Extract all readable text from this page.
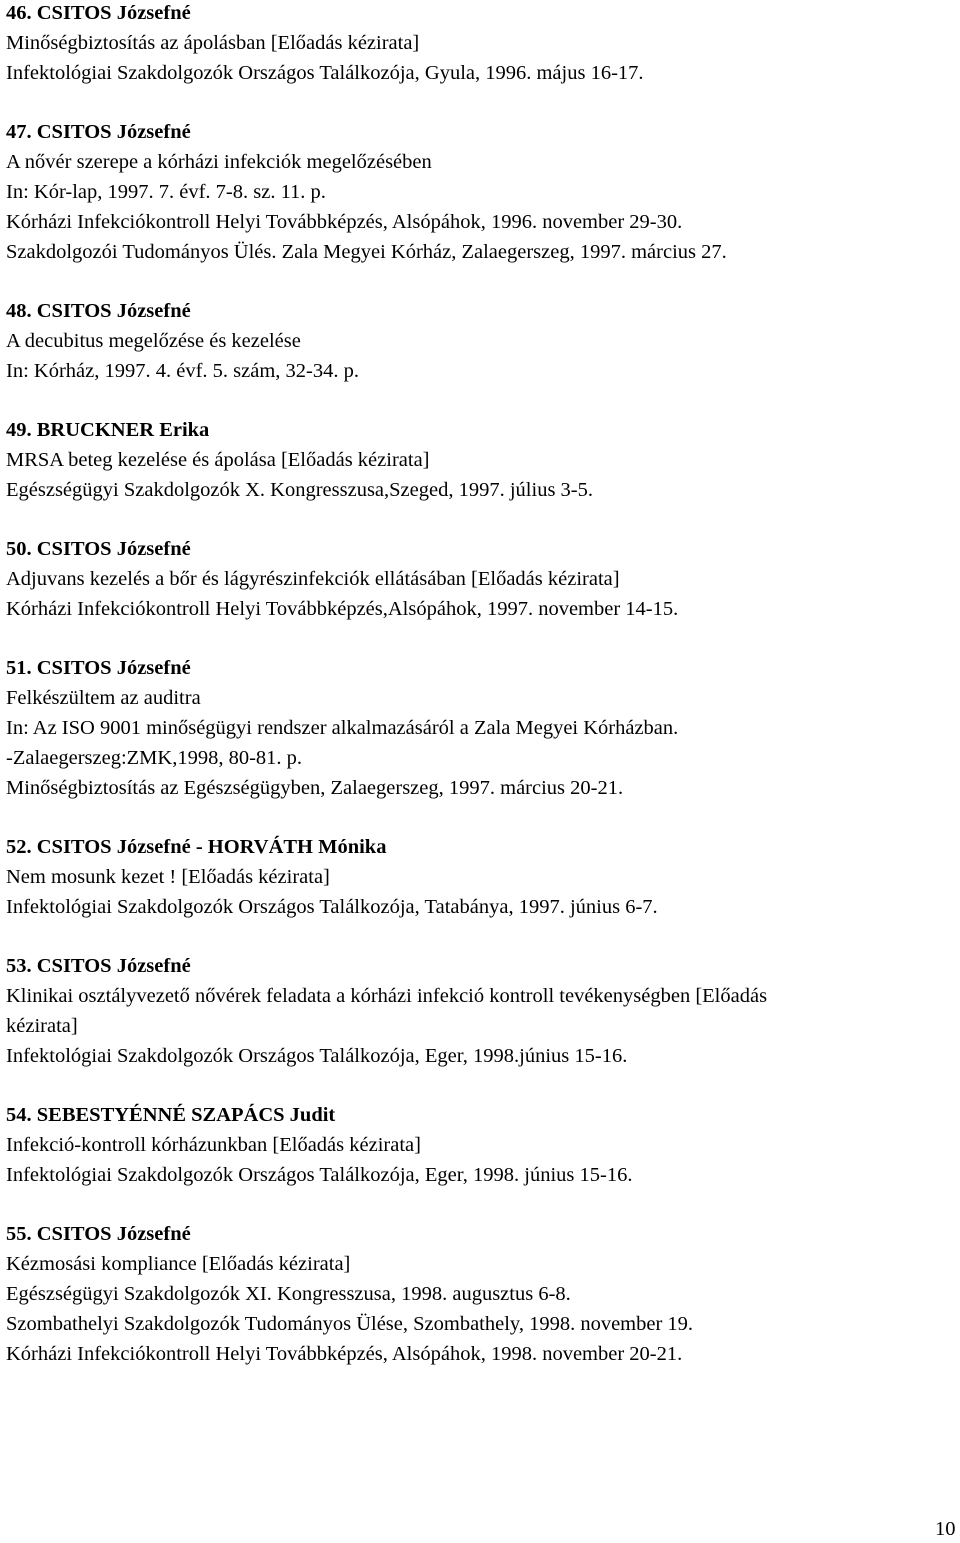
46. CSITOS Józsefné
Minőségbiztosítás az ápolásban [Előadás kézirata]
Infektológiai Szakdolgozók Országos Találkozója, Gyula, 1996. május 16-17.
47. CSITOS Józsefné
A nővér szerepe a kórházi infekciók megelőzésében
In: Kór-lap, 1997. 7. évf. 7-8. sz. 11. p.
Kórházi Infekciókontroll Helyi Továbbképzés, Alsópáhok, 1996. november 29-30.
Szakdolgozói Tudományos Ülés. Zala Megyei Kórház, Zalaegerszeg, 1997. március 27.
48. CSITOS Józsefné
A decubitus megelőzése és kezelése
In: Kórház, 1997. 4. évf. 5. szám, 32-34. p.
49. BRUCKNER Erika
MRSA beteg kezelése és ápolása [Előadás kézirata]
Egészségügyi Szakdolgozók X. Kongresszusa,Szeged, 1997. július 3-5.
50. CSITOS Józsefné
Adjuvans kezelés a bőr és lágyrészinfekciók ellátásában [Előadás kézirata]
Kórházi Infekciókontroll Helyi Továbbképzés,Alsópáhok, 1997. november 14-15.
51. CSITOS Józsefné
Felkészültem az auditra
In: Az ISO 9001 minőségügyi rendszer alkalmazásáról a Zala Megyei Kórházban.
-Zalaegerszeg:ZMK,1998, 80-81. p.
Minőségbiztosítás az Egészségügyben, Zalaegerszeg, 1997. március 20-21.
52. CSITOS Józsefné - HORVÁTH Mónika
Nem mosunk kezet ! [Előadás kézirata]
Infektológiai Szakdolgozók Országos Találkozója, Tatabánya, 1997. június 6-7.
53. CSITOS Józsefné
Klinikai osztályvezető nővérek feladata a kórházi infekció kontroll tevékenységben [Előadás
kézirata]
Infektológiai Szakdolgozók Országos Találkozója, Eger, 1998.június 15-16.
54. SEBESTYÉNNÉ SZAPÁCS Judit
Infekció-kontroll kórházunkban [Előadás kézirata]
Infektológiai Szakdolgozók Országos Találkozója, Eger, 1998. június 15-16.
55. CSITOS Józsefné
Kézmosási kompliance [Előadás kézirata]
Egészségügyi Szakdolgozók XI. Kongresszusa, 1998. augusztus 6-8.
Szombathelyi Szakdolgozók Tudományos Ülése, Szombathely, 1998. november 19.
Kórházi Infekciókontroll Helyi Továbbképzés, Alsópáhok, 1998. november 20-21.
10
